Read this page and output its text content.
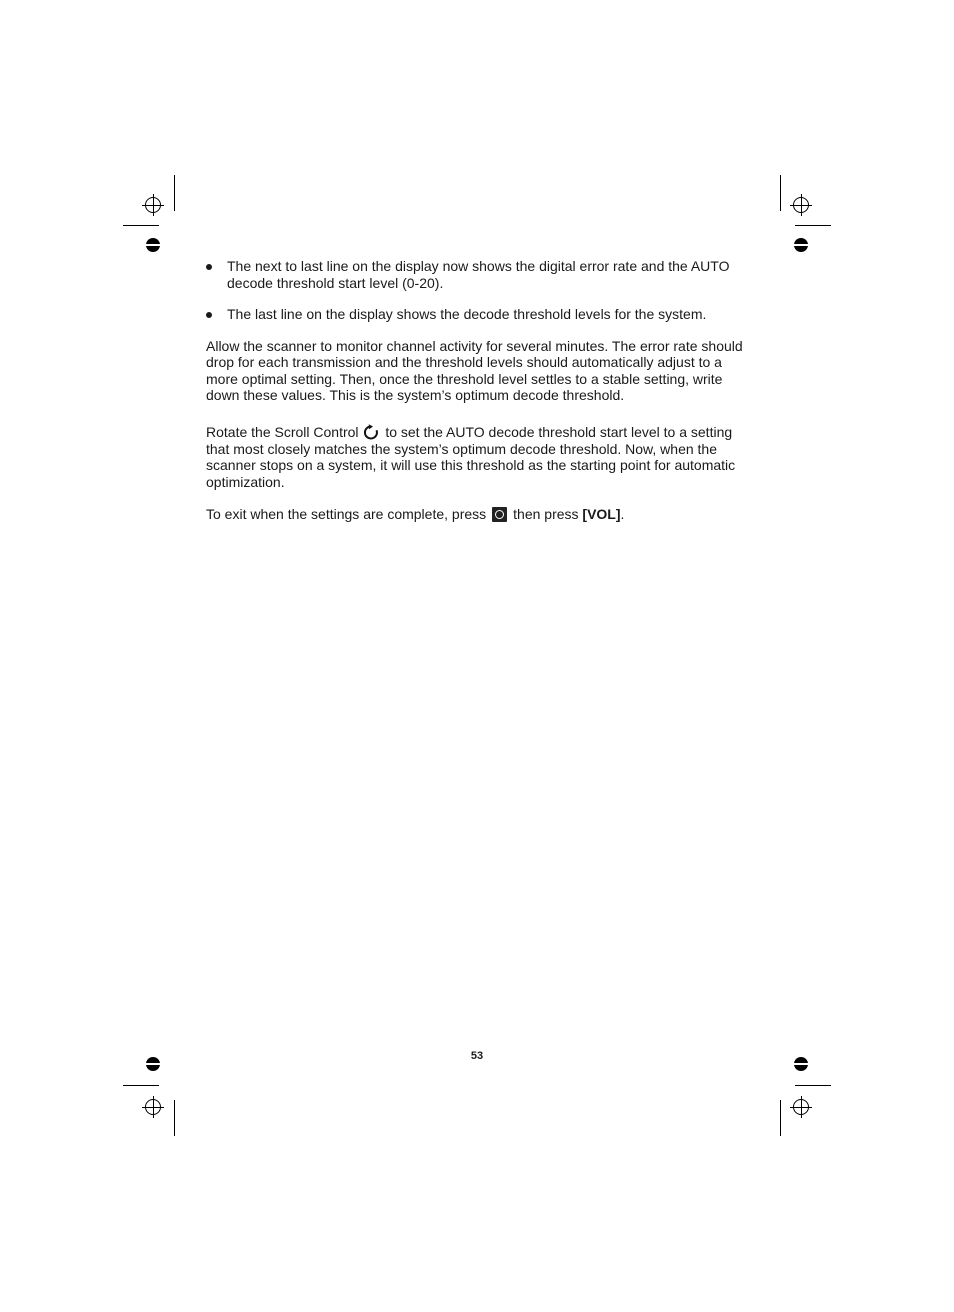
The next to last line on the display now shows the digital error rate and the AUTO decode threshold start level (0-20).

The last line on the display shows the decode threshold levels for the system.

Allow the scanner to monitor channel activity for several minutes. The error rate should drop for each transmission and the threshold levels should automatically adjust to a more optimal setting. Then, once the threshold level settles to a stable setting, write down these values. This is the system’s optimum decode threshold.

Rotate the Scroll Control to set the AUTO decode threshold start level to a setting that most closely matches the system’s optimum decode threshold. Now, when the scanner stops on a system, it will use this threshold as the starting point for automatic optimization.

To exit when the settings are complete, press then press [VOL].

53
